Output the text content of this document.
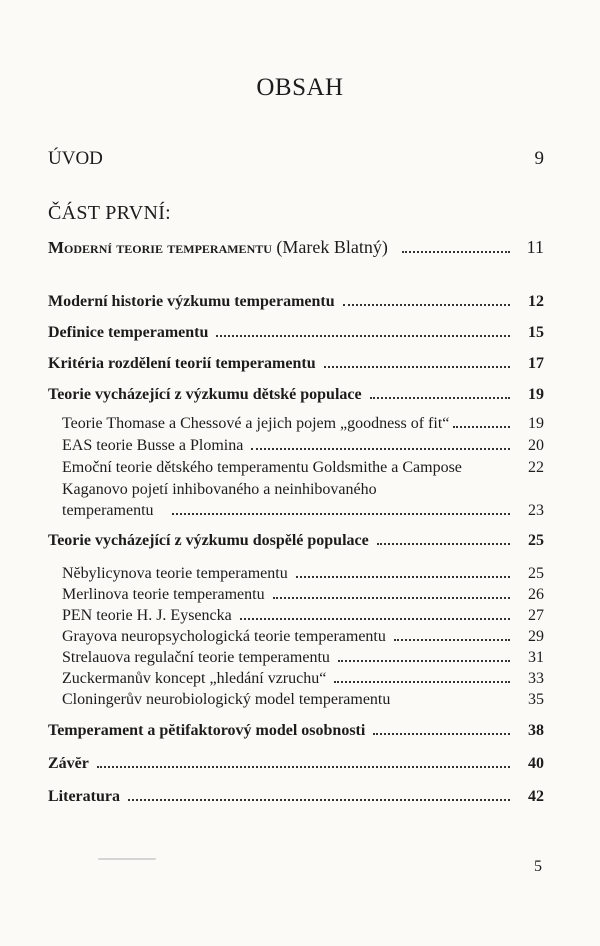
OBSAH
ÚVOD	9
ČÁST PRVNÍ:
Moderní teorie temperamentu (Marek Blatný)	11
Moderní historie výzkumu temperamentu	12
Definice temperamentu	15
Kritéria rozdělení teorií temperamentu	17
Teorie vycházející z výzkumu dětské populace	19
Teorie Thomase a Chessové a jejich pojem „goodness of fit“	19
EAS teorie Busse a Plomina	20
Emoční teorie dětského temperamentu Goldsmithe a Campose	22
Kaganovo pojetí inhibovaného a neinhibovaného
temperamentu	23
Teorie vycházející z výzkumu dospělé populace	25
Nĕbylicynova teorie temperamentu	25
Merlinova teorie temperamentu	26
PEN teorie H. J. Eysencka	27
Grayova neuropsychologická teorie temperamentu	29
Strelauova regulační teorie temperamentu	31
Zuckermanův koncept „hledání vzruchu“	33
Cloningerův neurobiologický model temperamentu	35
Temperament a pĕtifaktorový model osobnosti	38
Závĕr	40
Literatura	42
5
